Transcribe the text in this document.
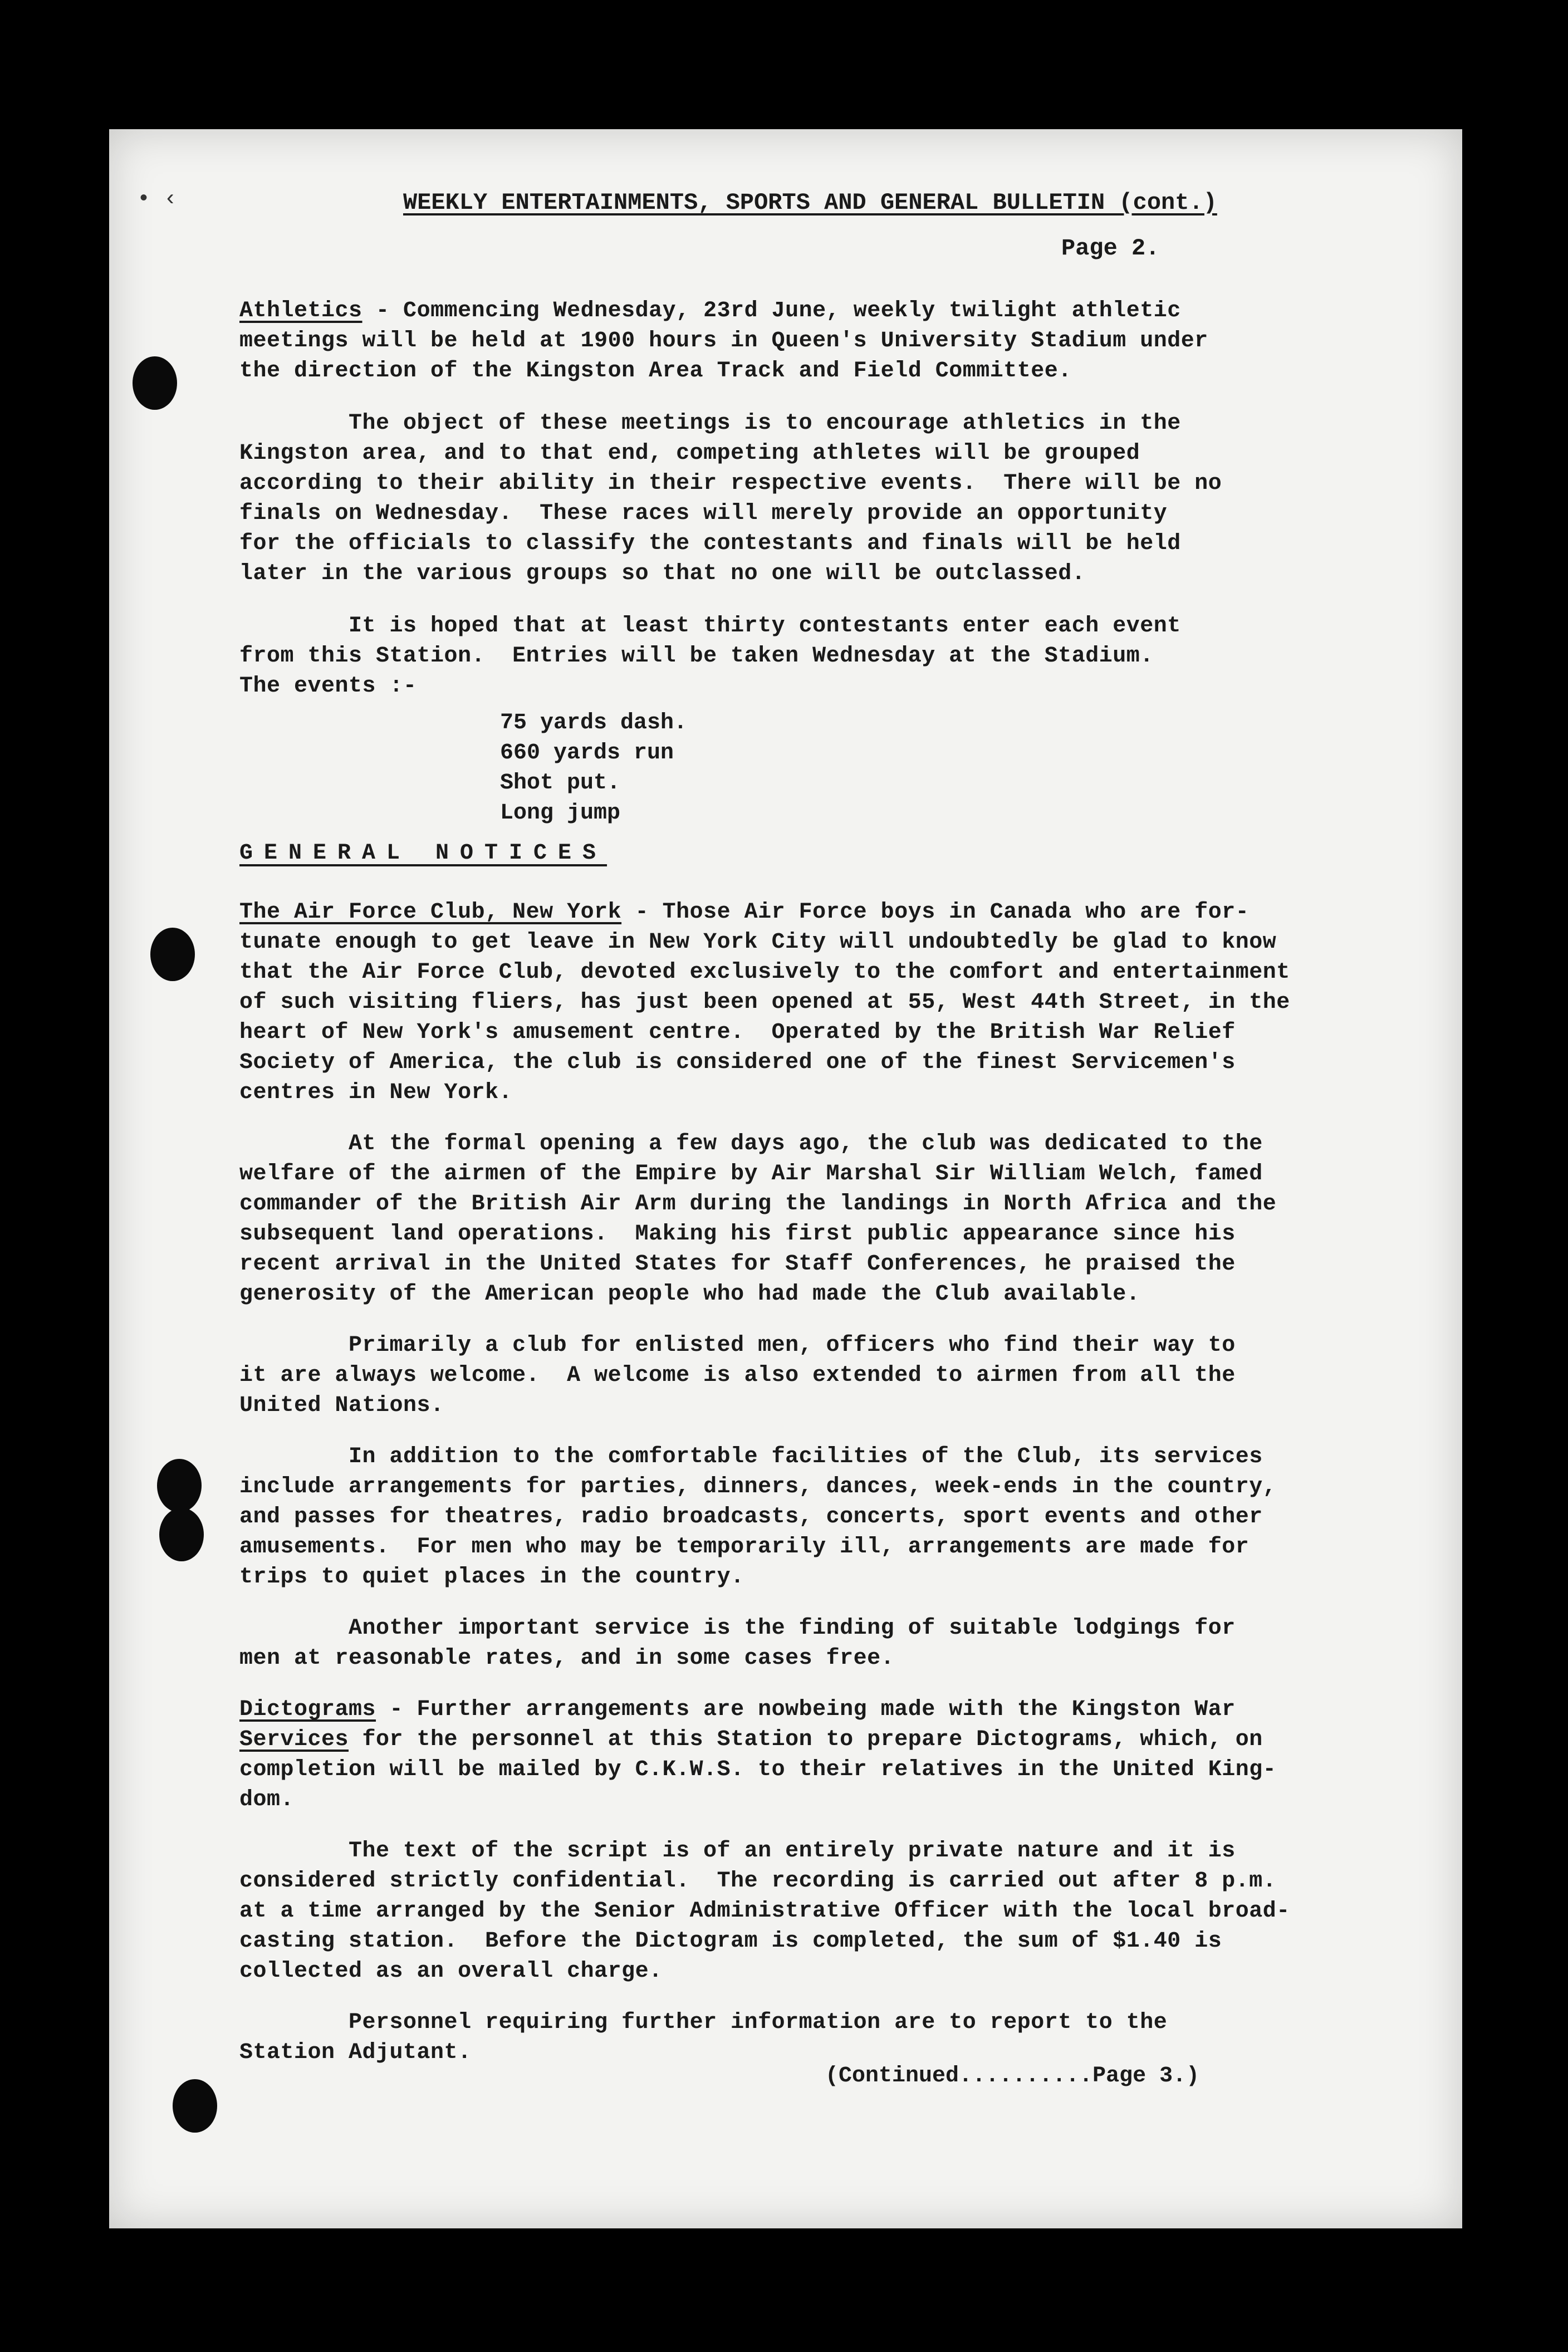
• ‹	WEEKLY ENTERTAINMENTS, SPORTS AND GENERAL BULLETIN (cont.)
Page 2.
Athletics - Commencing Wednesday, 23rd June, weekly twilight athletic
meetings will be held at 1900 hours in Queen's University Stadium under
the direction of the Kingston Area Track and Field Committee.
The object of these meetings is to encourage athletics in the
Kingston area, and to that end, competing athletes will be grouped
according to their ability in their respective events.  There will be no
finals on Wednesday.  These races will merely provide an opportunity
for the officials to classify the contestants and finals will be held
later in the various groups so that no one will be outclassed.
It is hoped that at least thirty contestants enter each event
from this Station.  Entries will be taken Wednesday at the Stadium.
The events :-
75 yards dash.
660 yards run
Shot put.
Long jump
GENERAL NOTICES
The Air Force Club, New York - Those Air Force boys in Canada who are for-
tunate enough to get leave in New York City will undoubtedly be glad to know
that the Air Force Club, devoted exclusively to the comfort and entertainment
of such visiting fliers, has just been opened at 55, West 44th Street, in the
heart of New York's amusement centre.  Operated by the British War Relief
Society of America, the club is considered one of the finest Servicemen's
centres in New York.
At the formal opening a few days ago, the club was dedicated to the
welfare of the airmen of the Empire by Air Marshal Sir William Welch, famed
commander of the British Air Arm during the landings in North Africa and the
subsequent land operations.  Making his first public appearance since his
recent arrival in the United States for Staff Conferences, he praised the
generosity of the American people who had made the Club available.
Primarily a club for enlisted men, officers who find their way to
it are always welcome.  A welcome is also extended to airmen from all the
United Nations.
In addition to the comfortable facilities of the Club, its services
include arrangements for parties, dinners, dances, week-ends in the country,
and passes for theatres, radio broadcasts, concerts, sport events and other
amusements.  For men who may be temporarily ill, arrangements are made for
trips to quiet places in the country.
Another important service is the finding of suitable lodgings for
men at reasonable rates, and in some cases free.
Dictograms - Further arrangements are nowbeing made with the Kingston War
Services for the personnel at this Station to prepare Dictograms, which, on
completion will be mailed by C.K.W.S. to their relatives in the United King-
dom.
The text of the script is of an entirely private nature and it is
considered strictly confidential.  The recording is carried out after 8 p.m.
at a time arranged by the Senior Administrative Officer with the local broad-
casting station.  Before the Dictogram is completed, the sum of $1.40 is
collected as an overall charge.
Personnel requiring further information are to report to the
Station Adjutant.
(Continued..........Page 3.)
